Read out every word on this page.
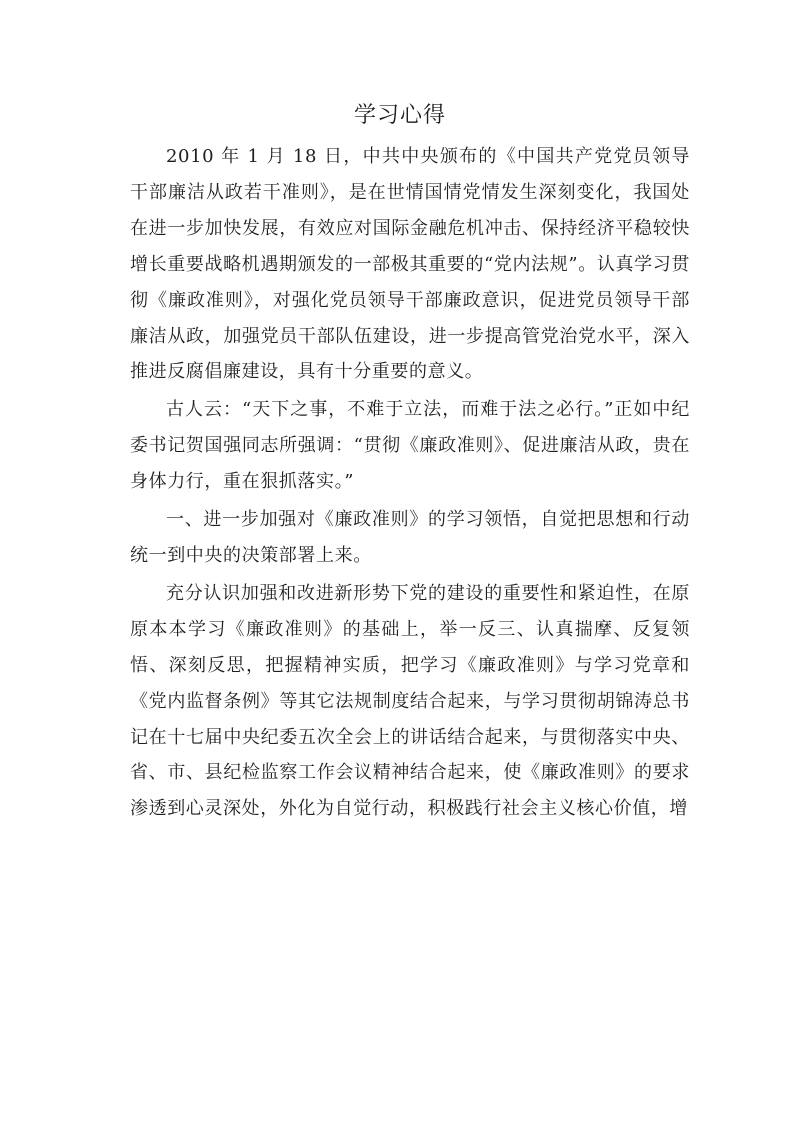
学习心得

2010 年 1 月 18 日，中共中央颁布的《中国共产党党员领导干部廉洁从政若干准则》，是在世情国情党情发生深刻变化，我国处在进一步加快发展，有效应对国际金融危机冲击、保持经济平稳较快增长重要战略机遇期颁发的一部极其重要的“党内法规”。认真学习贯彻《廉政准则》，对强化党员领导干部廉政意识，促进党员领导干部廉洁从政，加强党员干部队伍建设，进一步提高管党治党水平，深入推进反腐倡廉建设，具有十分重要的意义。

古人云：“天下之事，不难于立法，而难于法之必行。”正如中纪委书记贺国强同志所强调：“贯彻《廉政准则》、促进廉洁从政，贵在身体力行，重在狠抓落实。”

一、进一步加强对《廉政准则》的学习领悟，自觉把思想和行动统一到中央的决策部署上来。

充分认识加强和改进新形势下党的建设的重要性和紧迫性，在原原本本学习《廉政准则》的基础上，举一反三、认真揣摩、反复领悟、深刻反思，把握精神实质，把学习《廉政准则》与学习党章和《党内监督条例》等其它法规制度结合起来，与学习贯彻胡锦涛总书记在十七届中央纪委五次全会上的讲话结合起来，与贯彻落实中央、省、市、县纪检监察工作会议精神结合起来，使《廉政准则》的要求渗透到心灵深处，外化为自觉行动，积极践行社会主义核心价值，增
